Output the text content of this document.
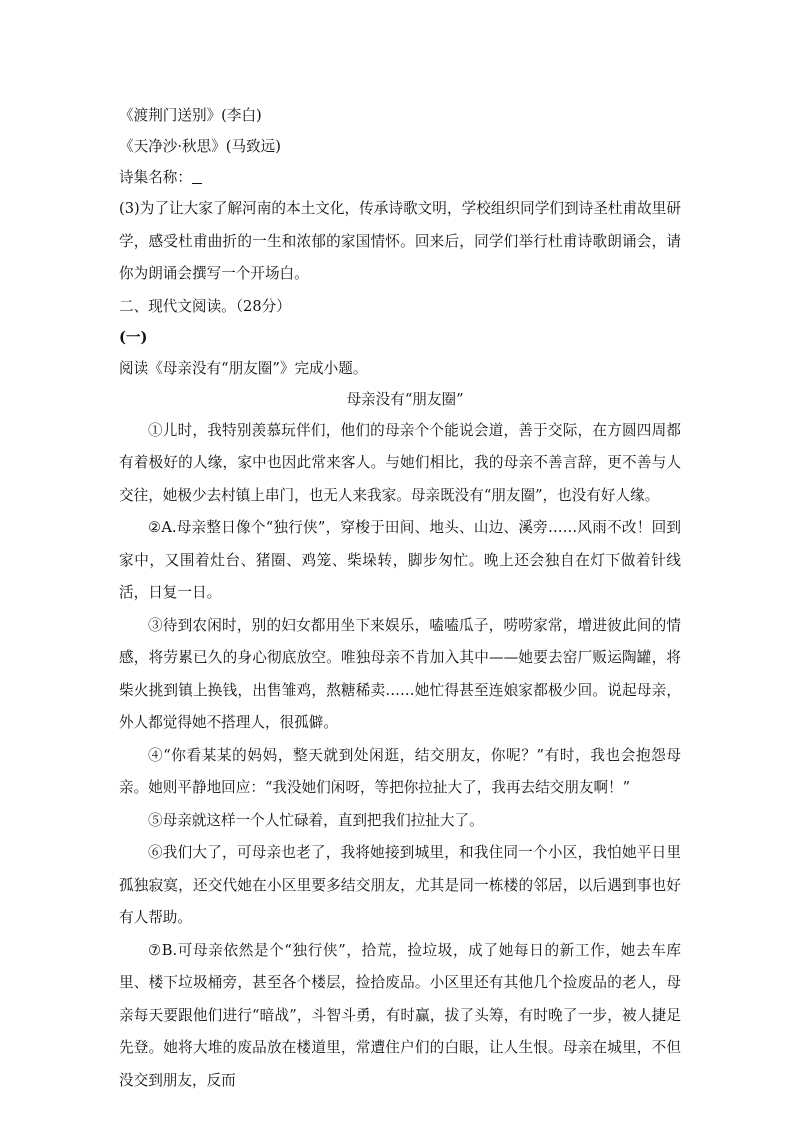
《渡荆门送别》(李白)

《天净沙·秋思》(马致远)

诗集名称：

(3)为了让大家了解河南的本土文化，传承诗歌文明，学校组织同学们到诗圣杜甫故里研学，感受杜甫曲折的一生和浓郁的家国情怀。回来后，同学们举行杜甫诗歌朗诵会，请你为朗诵会撰写一个开场白。

二、现代文阅读。（28分）

(一)

阅读《母亲没有“朋友圈”》完成小题。

母亲没有“朋友圈”

①儿时，我特别羡慕玩伴们，他们的母亲个个能说会道，善于交际，在方圆四周都有着极好的人缘，家中也因此常来客人。与她们相比，我的母亲不善言辞，更不善与人交往，她极少去村镇上串门，也无人来我家。母亲既没有“朋友圈”，也没有好人缘。

②A.母亲整日像个“独行侠”，穿梭于田间、地头、山边、溪旁……风雨不改！回到家中，又围着灶台、猪圈、鸡笼、柴垛转，脚步匆忙。晚上还会独自在灯下做着针线活，日复一日。

③待到农闲时，别的妇女都用坐下来娱乐，嗑嗑瓜子，唠唠家常，增进彼此间的情感，将劳累已久的身心彻底放空。唯独母亲不肯加入其中——她要去窑厂贩运陶罐，将柴火挑到镇上换钱，出售雏鸡，熬糖稀卖……她忙得甚至连娘家都极少回。说起母亲，外人都觉得她不搭理人，很孤僻。

④“你看某某的妈妈，整天就到处闲逛，结交朋友，你呢？”有时，我也会抱怨母亲。她则平静地回应：“我没她们闲呀，等把你拉扯大了，我再去结交朋友啊！”

⑤母亲就这样一个人忙碌着，直到把我们拉扯大了。

⑥我们大了，可母亲也老了，我将她接到城里，和我住同一个小区，我怕她平日里孤独寂寞，还交代她在小区里要多结交朋友，尤其是同一栋楼的邻居，以后遇到事也好有人帮助。

⑦B.可母亲依然是个“独行侠”，拾荒，捡垃圾，成了她每日的新工作，她去车库里、楼下垃圾桶旁，甚至各个楼层，捡拾废品。小区里还有其他几个捡废品的老人，母亲每天要跟他们进行“暗战”，斗智斗勇，有时赢，拔了头筹，有时晚了一步，被人捷足先登。她将大堆的废品放在楼道里，常遭住户们的白眼，让人生恨。母亲在城里，不但没交到朋友，反而
